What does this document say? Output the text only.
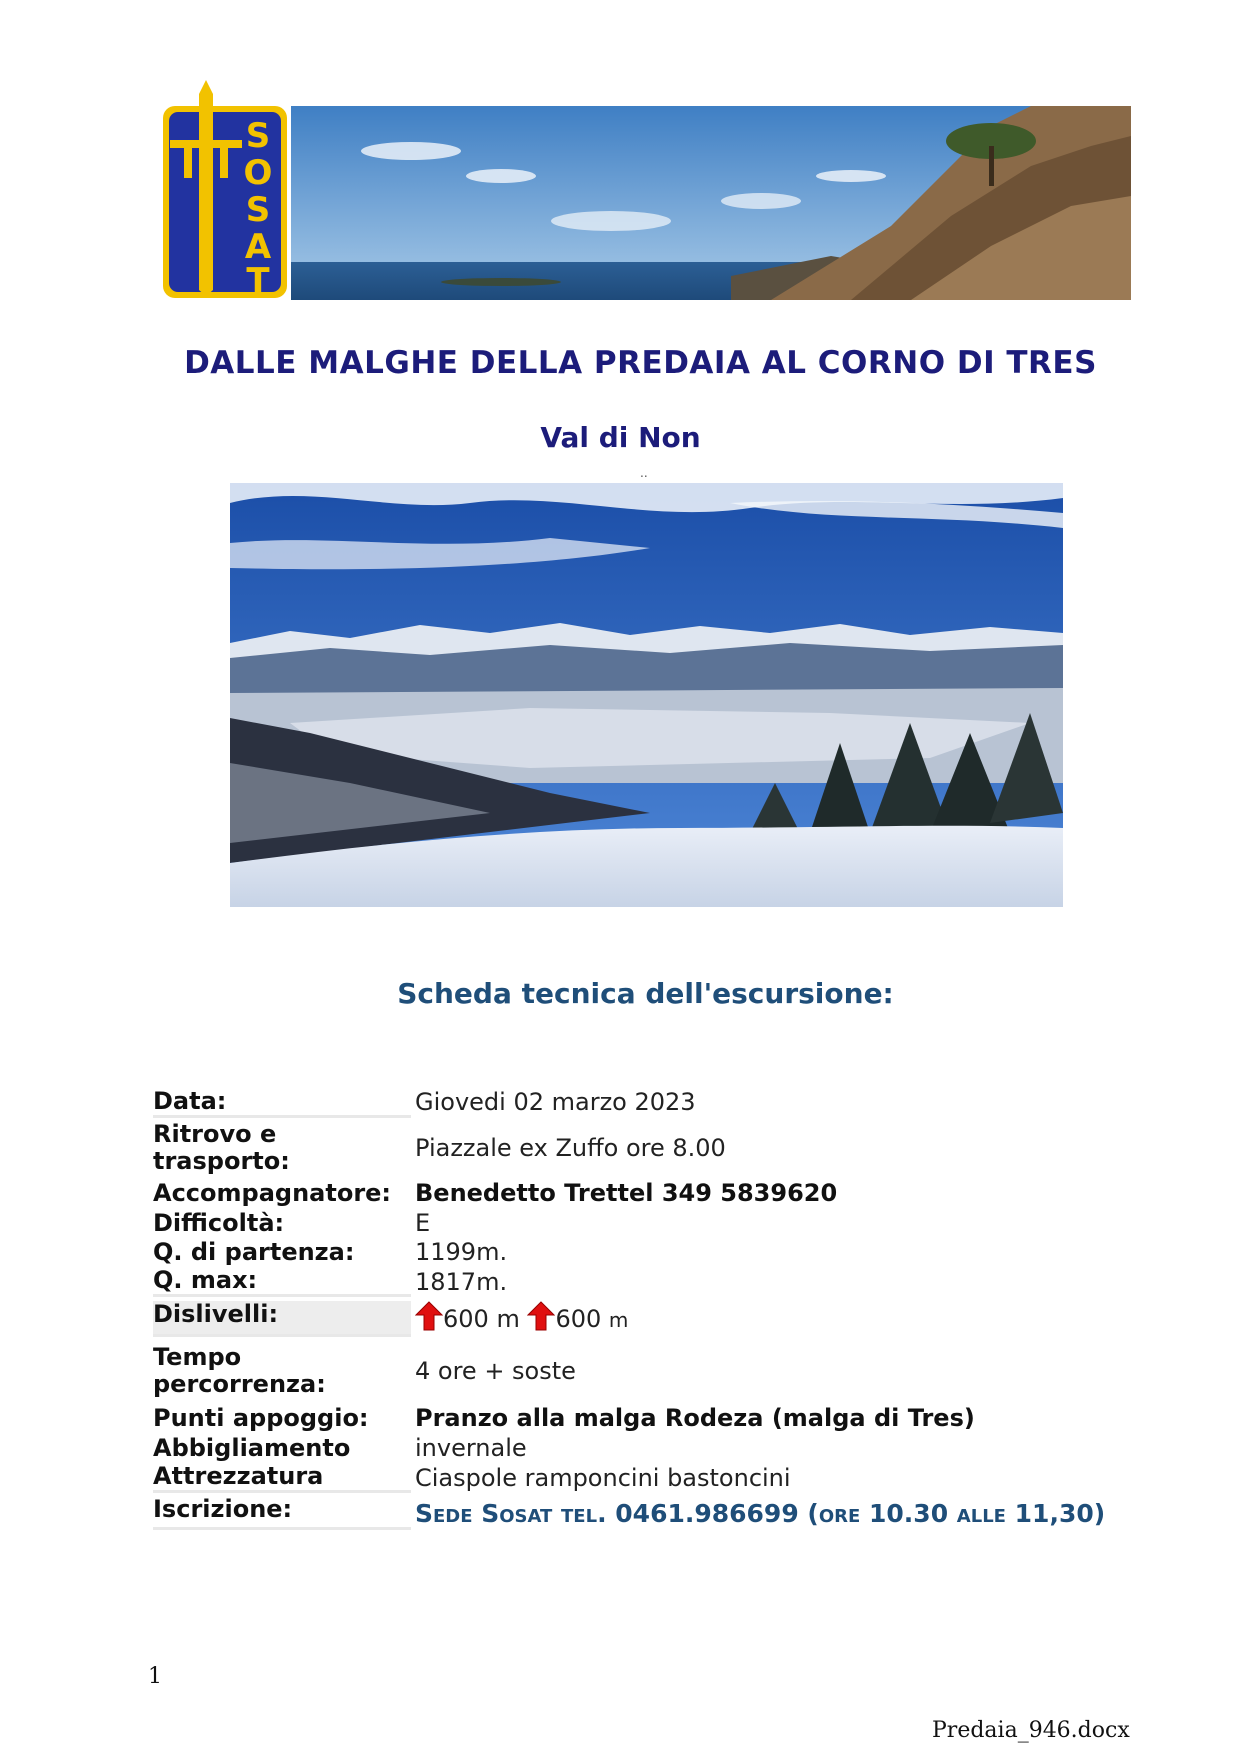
S
O
S
A
T
DALLE MALGHE DELLA PREDAIA AL CORNO DI TRES
Val di Non
..
Scheda tecnica dell'escursione:
Data:	Giovedi 02 marzo 2023
Ritrovo e
trasporto:	Piazzale ex Zuffo ore 8.00
Accompagnatore: Benedetto Trettel 349 5839620
Difficoltà:	E
Q. di partenza:	1199m.
Q. max:	1817m.
Dislivelli:	600 m 600 m
Tempo
percorrenza:	4 ore + soste
Punti appoggio:	Pranzo alla malga Rodeza (malga di Tres)
Abbigliamento	invernale
Attrezzatura	Ciaspole ramponcini bastoncini
Iscrizione:	Sede Sosat tel. 0461.986699 (ore 10.30 alle 11,30)
1
Predaia_946.docx
